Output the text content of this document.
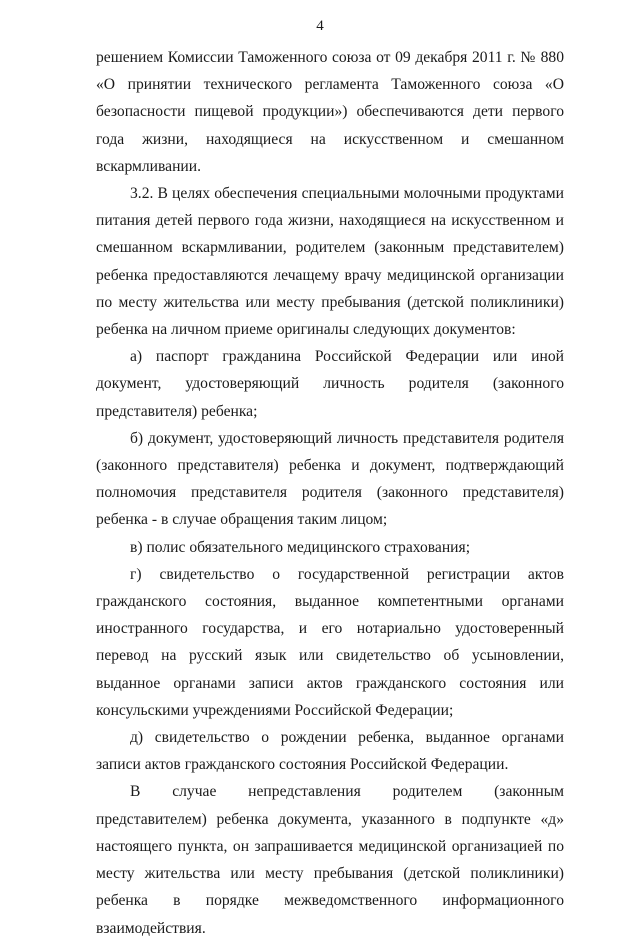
4

решением Комиссии Таможенного союза от 09 декабря 2011 г. № 880 «О принятии технического регламента Таможенного союза «О безопасности пищевой продукции») обеспечиваются дети первого года жизни, находящиеся на искусственном и смешанном вскармливании.

3.2. В целях обеспечения специальными молочными продуктами питания детей первого года жизни, находящиеся на искусственном и смешанном вскармливании, родителем (законным представителем) ребенка предоставляются лечащему врачу медицинской организации по месту жительства или месту пребывания (детской поликлиники) ребенка на личном приеме оригиналы следующих документов:

а) паспорт гражданина Российской Федерации или иной документ, удостоверяющий личность родителя (законного представителя) ребенка;

б) документ, удостоверяющий личность представителя родителя (законного представителя) ребенка и документ, подтверждающий полномочия представителя родителя (законного представителя) ребенка - в случае обращения таким лицом;

в) полис обязательного медицинского страхования;

г) свидетельство о государственной регистрации актов гражданского состояния, выданное компетентными органами иностранного государства, и его нотариально удостоверенный перевод на русский язык или свидетельство об усыновлении, выданное органами записи актов гражданского состояния или консульскими учреждениями Российской Федерации;

д) свидетельство о рождении ребенка, выданное органами записи актов гражданского состояния Российской Федерации.

В случае непредставления родителем (законным представителем) ребенка документа, указанного в подпункте «д» настоящего пункта, он запрашивается медицинской организацией по месту жительства или месту пребывания (детской поликлиники) ребенка в порядке межведомственного информационного взаимодействия.
